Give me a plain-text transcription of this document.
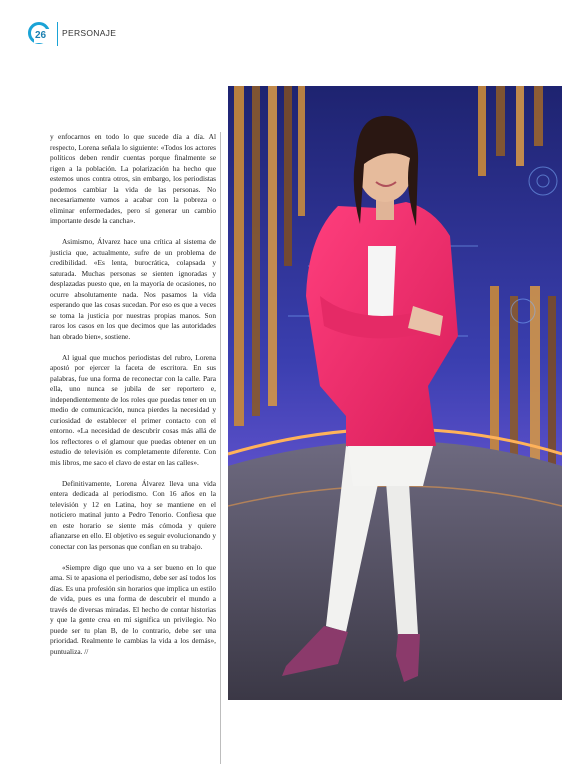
26	PERSONAJE

y enfocarnos en todo lo que sucede día a día. Al respecto, Lorena señala lo siguiente: «Todos los actores políticos deben rendir cuentas porque finalmente se rigen a la población. La polarización ha hecho que estemos unos contra otros, sin embargo, los periodistas podemos cambiar la vida de las personas. No necesariamente vamos a acabar con la pobreza o eliminar enfermedades, pero sí generar un cambio importante desde la cancha».

Asimismo, Álvarez hace una crítica al sistema de justicia que, actualmente, sufre de un problema de credibilidad. «Es lenta, burocrática, colapsada y saturada. Muchas personas se sienten ignoradas y desplazadas puesto que, en la mayoría de ocasiones, no ocurre absolutamente nada. Nos pasamos la vida esperando que las cosas sucedan. Por eso es que a veces se toma la justicia por nuestras propias manos. Son raros los casos en los que decimos que las autoridades han obrado bien», sostiene.

Al igual que muchos periodistas del rubro, Lorena apostó por ejercer la faceta de escritora. En sus palabras, fue una forma de reconectar con la calle. Para ella, uno nunca se jubila de ser reportero e, independientemente de los roles que puedas tener en un medio de comunicación, nunca pierdes la necesidad y curiosidad de establecer el primer contacto con el entorno. «La necesidad de descubrir cosas más allá de los reflectores o el glamour que puedas obtener en un estudio de televisión es completamente diferente. Con mis libros, me saco el clavo de estar en las calles».

Definitivamente, Lorena Álvarez lleva una vida entera dedicada al periodismo. Con 16 años en la televisión y 12 en Latina, hoy se mantiene en el noticiero matinal junto a Pedro Tenorio. Confiesa que en este horario se siente más cómoda y quiere afianzarse en ello. El objetivo es seguir evolucionando y conectar con las personas que confían en su trabajo.

«Siempre digo que uno va a ser bueno en lo que ama. Si te apasiona el periodismo, debe ser así todos los días. Es una profesión sin horarios que implica un estilo de vida, pues es una forma de descubrir el mundo a través de diversas miradas. El hecho de contar historias y que la gente crea en mí significa un privilegio. No puede ser tu plan B, de lo contrario, debe ser una prioridad. Realmente le cambias la vida a los demás», puntualiza. //
